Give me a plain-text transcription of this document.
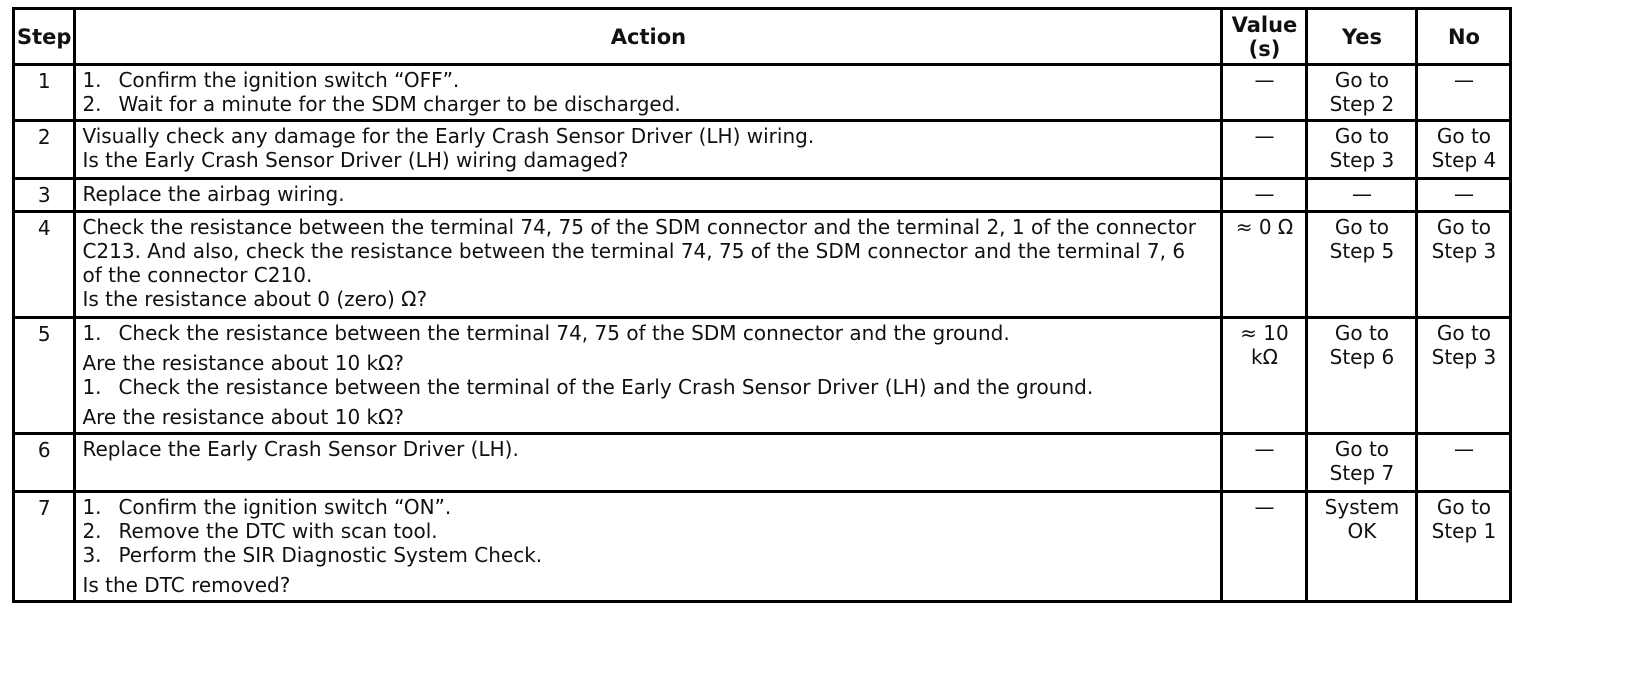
Step	Action	Value
(s)	Yes	No
1	1. Confirm the ignition switch “OFF”.
2. Wait for a minute for the SDM charger to be discharged.	—	Go to
Step 2	—

2	Visually check any damage for the Early Crash Sensor Driver (LH) wiring.
Is the Early Crash Sensor Driver (LH) wiring damaged?	—	Go to
Step 3	Go to
Step 4

3	Replace the airbag wiring.	—	—	—
4	Check the resistance between the terminal 74, 75 of the SDM connector and the terminal 2, 1 of the connector
C213. And also, check the resistance between the terminal 74, 75 of the SDM connector and the terminal 7, 6
of the connector C210.
Is the resistance about 0 (zero) Ω?	≈ 0 Ω	Go to
Step 5	Go to
Step 3

5	1. Check the resistance between the terminal 74, 75 of the SDM connector and the ground.
Are the resistance about 10 kΩ?
1. Check the resistance between the terminal of the Early Crash Sensor Driver (LH) and the ground.
Are the resistance about 10 kΩ?	≈ 10
kΩ	Go to
Step 6	Go to
Step 3

6	Replace the Early Crash Sensor Driver (LH).	—	Go to
Step 7	—
7	1. Confirm the ignition switch “ON”.
2. Remove the DTC with scan tool.
3. Perform the SIR Diagnostic System Check.
Is the DTC removed?	—	System
OK	Go to
Step 1
